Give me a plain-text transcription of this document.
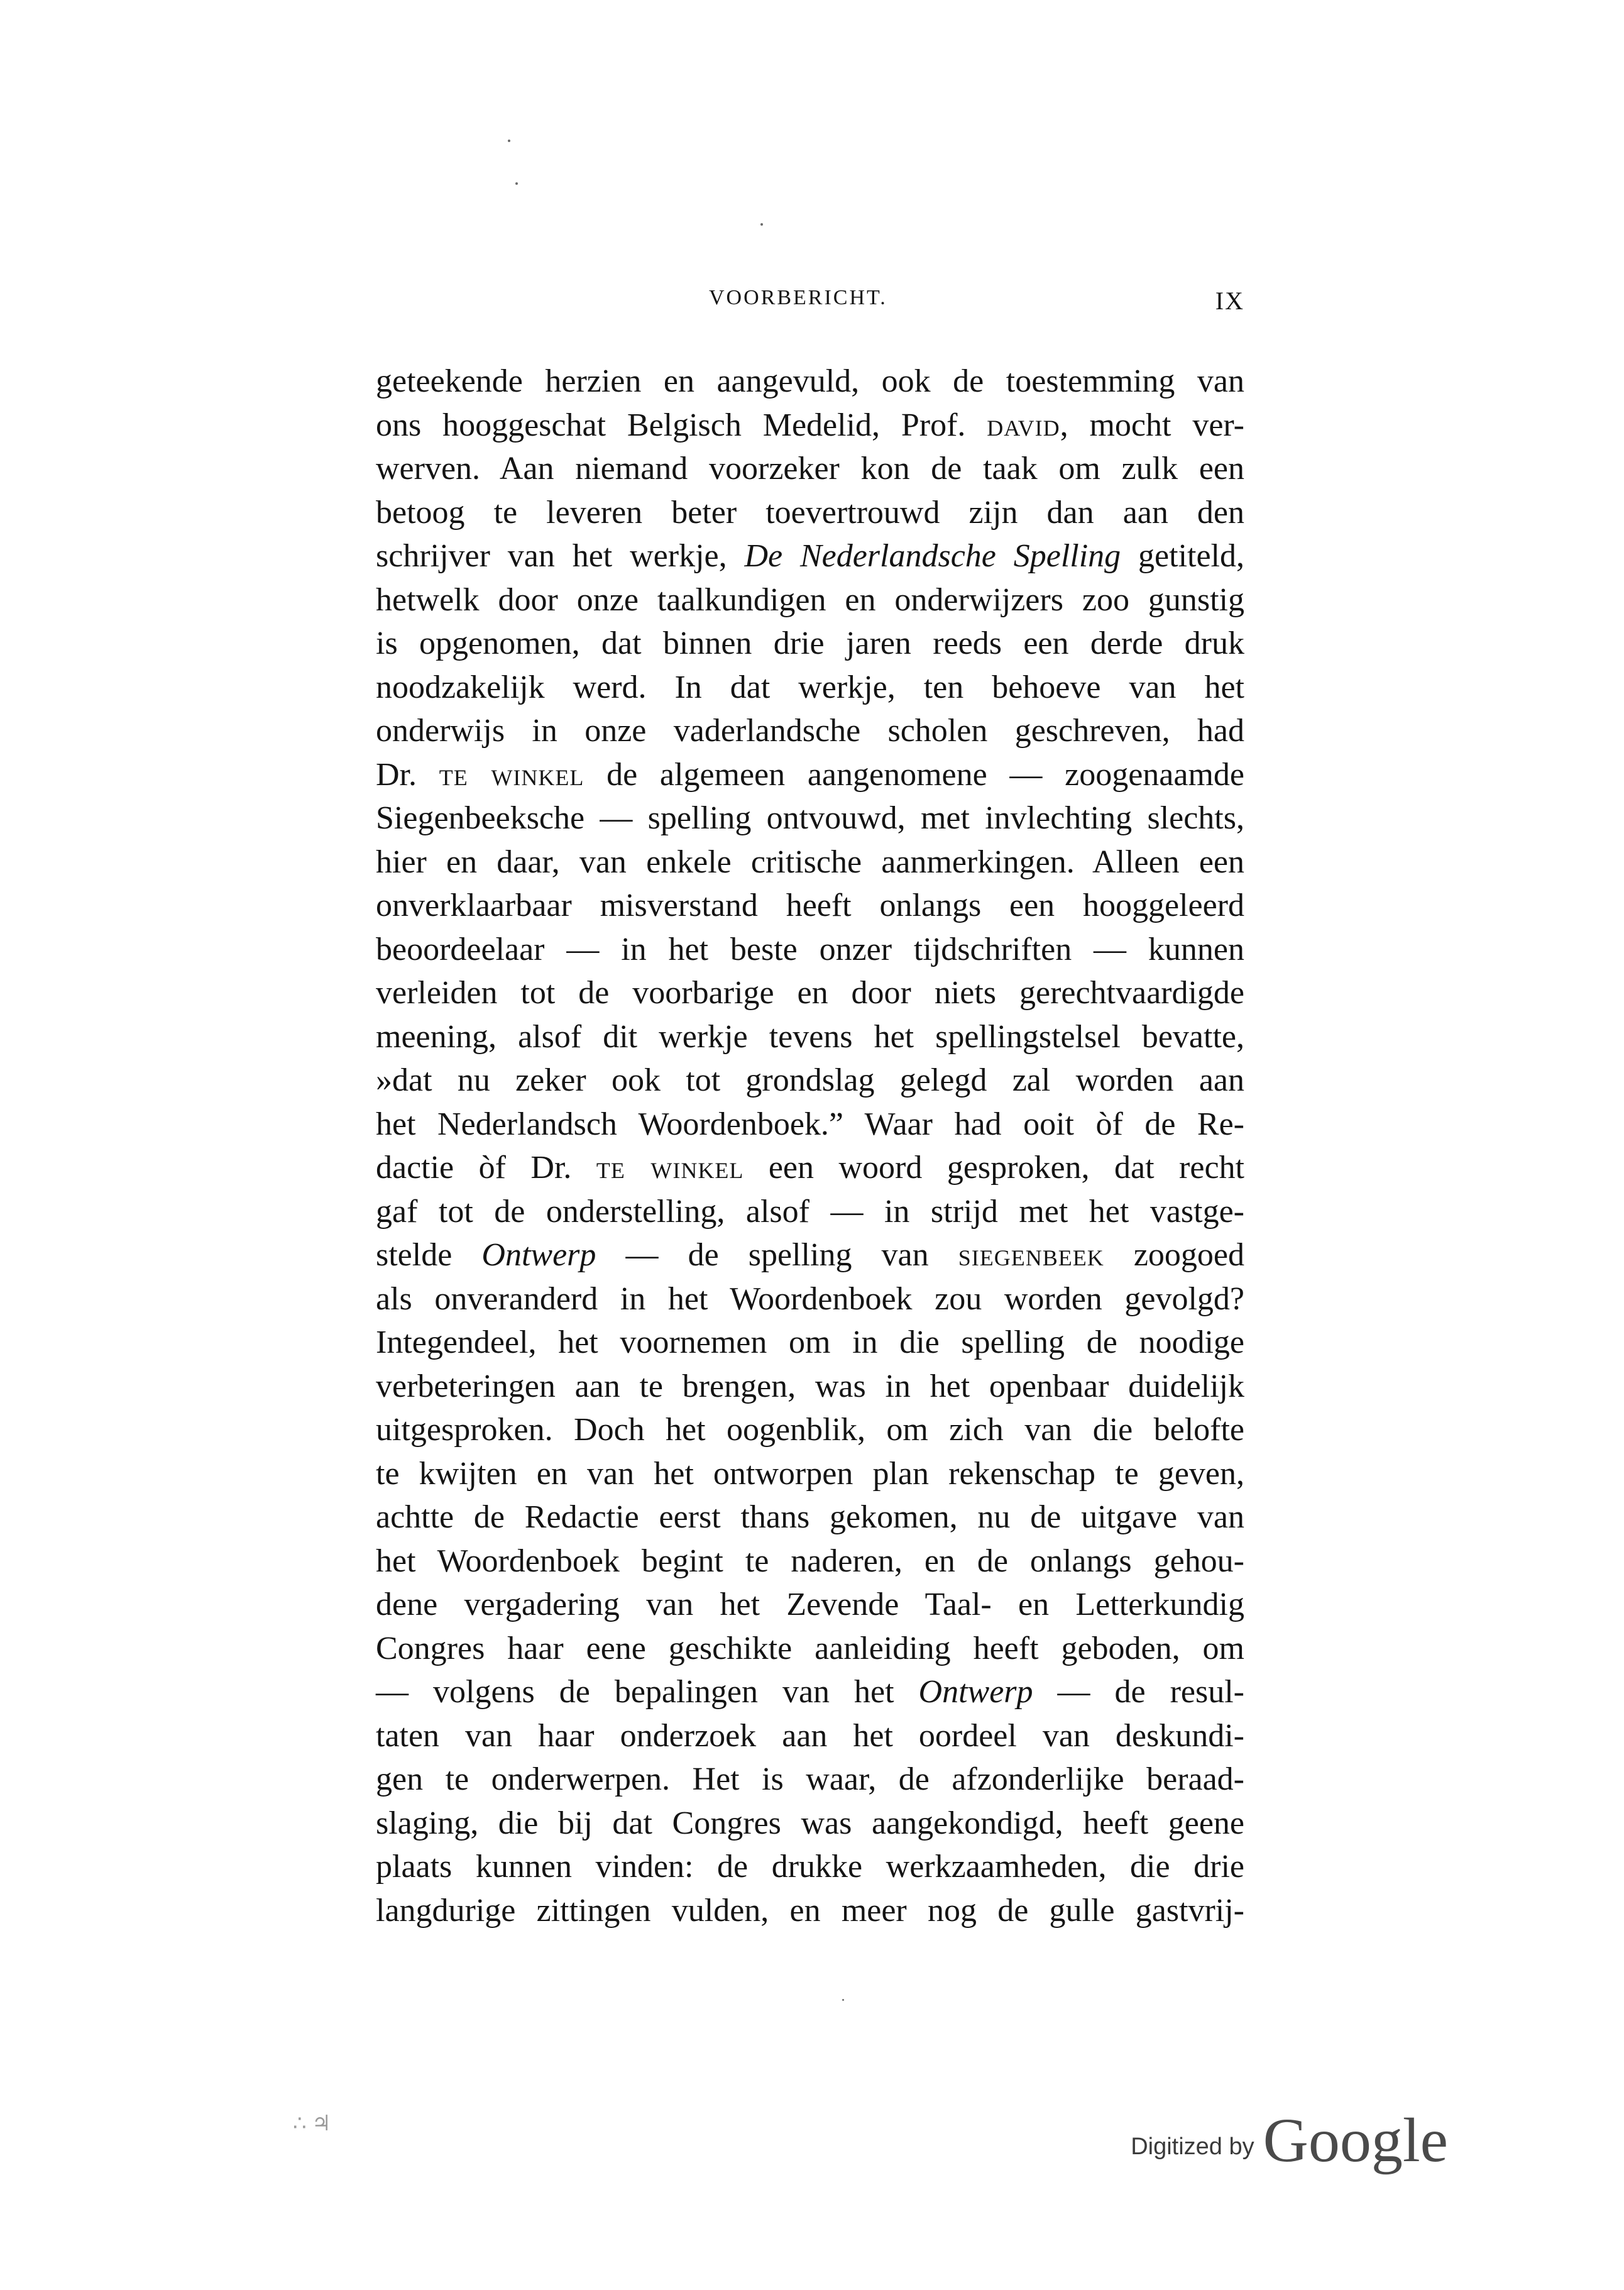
VOORBERICHT.	IX
geteekende herzien en aangevuld, ook de toestemming van
ons hooggeschat Belgisch Medelid, Prof. david, mocht ver-
werven. Aan niemand voorzeker kon de taak om zulk een
betoog te leveren beter toevertrouwd zijn dan aan den
schrijver van het werkje, De Nederlandsche Spelling getiteld,
hetwelk door onze taalkundigen en onderwijzers zoo gunstig
is opgenomen, dat binnen drie jaren reeds een derde druk
noodzakelijk werd. In dat werkje, ten behoeve van het
onderwijs in onze vaderlandsche scholen geschreven, had
Dr. te winkel de algemeen aangenomene — zoogenaamde
Siegenbeeksche — spelling ontvouwd, met invlechting slechts,
hier en daar, van enkele critische aanmerkingen. Alleen een
onverklaarbaar misverstand heeft onlangs een hooggeleerd
beoordeelaar — in het beste onzer tijdschriften — kunnen
verleiden tot de voorbarige en door niets gerechtvaardigde
meening, alsof dit werkje tevens het spellingstelsel bevatte,
»dat nu zeker ook tot grondslag gelegd zal worden aan
het Nederlandsch Woordenboek.” Waar had ooit òf de Re-
dactie òf Dr. te winkel een woord gesproken, dat recht
gaf tot de onderstelling, alsof — in strijd met het vastge-
stelde Ontwerp — de spelling van siegenbeek zoogoed
als onveranderd in het Woordenboek zou worden gevolgd?
Integendeel, het voornemen om in die spelling de noodige
verbeteringen aan te brengen, was in het openbaar duidelijk
uitgesproken. Doch het oogenblik, om zich van die belofte
te kwijten en van het ontworpen plan rekenschap te geven,
achtte de Redactie eerst thans gekomen, nu de uitgave van
het Woordenboek begint te naderen, en de onlangs gehou-
dene vergadering van het Zevende Taal- en Letterkundig
Congres haar eene geschikte aanleiding heeft geboden, om
— volgens de bepalingen van het Ontwerp — de resul-
taten van haar onderzoek aan het oordeel van deskundi-
gen te onderwerpen. Het is waar, de afzonderlijke beraad-
slaging, die bij dat Congres was aangekondigd, heeft geene
plaats kunnen vinden: de drukke werkzaamheden, die drie
langdurige zittingen vulden, en meer nog de gulle gastvrij-
∴ ♃
Digitized by Google
